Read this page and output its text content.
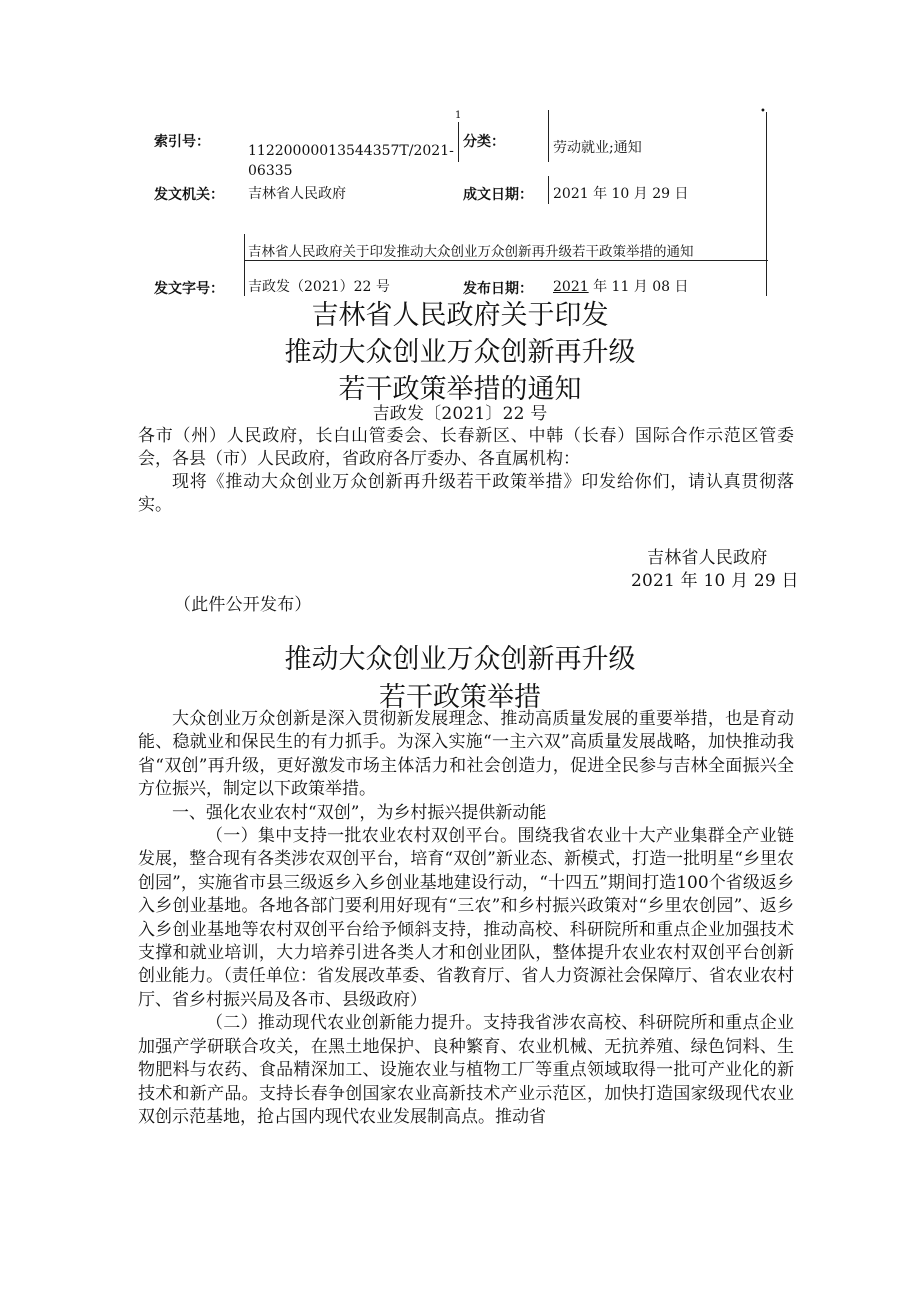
1	•
索引号：
11220000013544357T/2021-
06335
分类：	劳动就业;通知
发文机关： 吉林省人民政府	成文日期： 2021 年 10 月 29 日
吉林省人民政府关于印发推动大众创业万众创新再升级若干政策举措的通知
发文字号： 吉政发（2021）22 号	发布日期： 2021 年 11 月 08 日
吉林省人民政府关于印发
推动大众创业万众创新再升级
若干政策举措的通知
吉政发〔2021〕22 号

各市（州）人民政府，长白山管委会、长春新区、中韩（长春）国际合作示范区管委会，各县（市）人民政府，省政府各厅委办、各直属机构：

现将《推动大众创业万众创新再升级若干政策举措》印发给你们，请认真贯彻落实。

吉林省人民政府
2021 年 10 月 29 日
（此件公开发布）
推动大众创业万众创新再升级
若干政策举措

大众创业万众创新是深入贯彻新发展理念、推动高质量发展的重要举措，也是育动能、稳就业和保民生的有力抓手。为深入实施“一主六双”高质量发展战略，加快推动我省“双创”再升级，更好激发市场主体活力和社会创造力，促进全民参与吉林全面振兴全方位振兴，制定以下政策举措。

一、强化农业农村“双创”，为乡村振兴提供新动能

（一）集中支持一批农业农村双创平台。围绕我省农业十大产业集群全产业链发展，整合现有各类涉农双创平台，培育“双创”新业态、新模式，打造一批明星“乡里农创园”，实施省市县三级返乡入乡创业基地建设行动，“十四五”期间打造100个省级返乡入乡创业基地。各地各部门要利用好现有“三农”和乡村振兴政策对“乡里农创园”、返乡入乡创业基地等农村双创平台给予倾斜支持，推动高校、科研院所和重点企业加强技术支撑和就业培训，大力培养引进各类人才和创业团队，整体提升农业农村双创平台创新创业能力。（责任单位：省发展改革委、省教育厅、省人力资源社会保障厅、省农业农村厅、省乡村振兴局及各市、县级政府）

（二）推动现代农业创新能力提升。支持我省涉农高校、科研院所和重点企业加强产学研联合攻关，在黑土地保护、良种繁育、农业机械、无抗养殖、绿色饲料、生物肥料与农药、食品精深加工、设施农业与植物工厂等重点领域取得一批可产业化的新技术和新产品。支持长春争创国家农业高新技术产业示范区，加快打造国家级现代农业双创示范基地，抢占国内现代农业发展制高点。推动省
